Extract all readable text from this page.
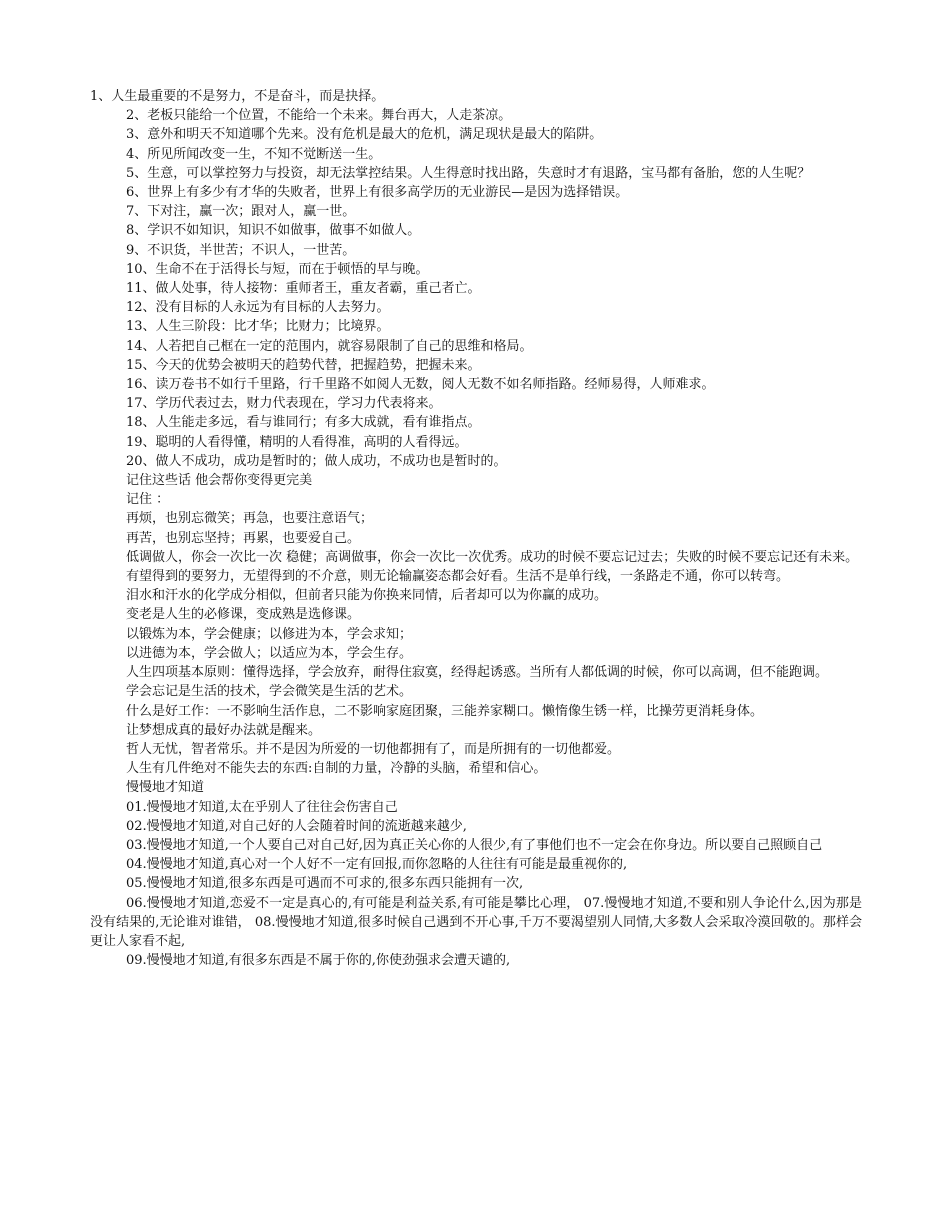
1、人生最重要的不是努力，不是奋斗，而是抉择。

2、老板只能给一个位置，不能给一个未来。舞台再大，人走茶凉。

3、意外和明天不知道哪个先来。没有危机是最大的危机，满足现状是最大的陷阱。

4、所见所闻改变一生，不知不觉断送一生。

5、生意，可以掌控努力与投资，却无法掌控结果。人生得意时找出路，失意时才有退路，宝马都有备胎，您的人生呢？

6、世界上有多少有才华的失败者，世界上有很多高学历的无业游民—是因为选择错误。

7、下对注，赢一次；跟对人，赢一世。

8、学识不如知识，知识不如做事，做事不如做人。

9、不识货，半世苦；不识人，一世苦。

10、生命不在于活得长与短，而在于顿悟的早与晚。

11、做人处事，待人接物：重师者王，重友者霸，重己者亡。

12、没有目标的人永远为有目标的人去努力。

13、人生三阶段：比才华；比财力；比境界。

14、人若把自己框在一定的范围内，就容易限制了自己的思维和格局。

15、今天的优势会被明天的趋势代替，把握趋势，把握未来。

16、读万卷书不如行千里路，行千里路不如阅人无数，阅人无数不如名师指路。经师易得，人师难求。

17、学历代表过去，财力代表现在，学习力代表将来。

18、人生能走多远，看与谁同行；有多大成就，看有谁指点。

19、聪明的人看得懂，精明的人看得准，高明的人看得远。

20、做人不成功，成功是暂时的；做人成功，不成功也是暂时的。

记住这些话 他会帮你变得更完美

记住 ：

再烦，也别忘微笑；再急，也要注意语气；

再苦，也别忘坚持；再累，也要爱自己。

低调做人，你会一次比一次 稳健；高调做事，你会一次比一次优秀。成功的时候不要忘记过去；失败的时候不要忘记还有未来。

有望得到的要努力，无望得到的不介意，则无论输赢姿态都会好看。生活不是单行线，一条路走不通，你可以转弯。

泪水和汗水的化学成分相似，但前者只能为你换来同情，后者却可以为你赢的成功。

变老是人生的必修课，变成熟是选修课。

以锻炼为本，学会健康；以修进为本，学会求知；

以进德为本，学会做人；以适应为本，学会生存。

人生四项基本原则：懂得选择，学会放弃，耐得住寂寞，经得起诱惑。当所有人都低调的时候，你可以高调，但不能跑调。

学会忘记是生活的技术，学会微笑是生活的艺术。

什么是好工作：一不影响生活作息，二不影响家庭团聚，三能养家糊口。懒惰像生锈一样，比操劳更消耗身体。

让梦想成真的最好办法就是醒来。

哲人无忧，智者常乐。并不是因为所爱的一切他都拥有了，而是所拥有的一切他都爱。

人生有几件绝对不能失去的东西:自制的力量，冷静的头脑，希望和信心。

慢慢地才知道

01.慢慢地才知道,太在乎别人了往往会伤害自己

02.慢慢地才知道,对自己好的人会随着时间的流逝越来越少,

03.慢慢地才知道,一个人要自己对自己好,因为真正关心你的人很少,有了事他们也不一定会在你身边。所以要自己照顾自己

04.慢慢地才知道,真心对一个人好不一定有回报,而你忽略的人往往有可能是最重视你的,

05.慢慢地才知道,很多东西是可遇而不可求的,很多东西只能拥有一次,

06.慢慢地才知道,恋爱不一定是真心的,有可能是利益关系,有可能是攀比心理， 07.慢慢地才知道,不要和别人争论什么,因为那是没有结果的,无论谁对谁错， 08.慢慢地才知道,很多时候自己遇到不开心事,千万不要渴望别人同情,大多数人会采取冷漠回敬的。那样会更让人家看不起,

09.慢慢地才知道,有很多东西是不属于你的,你使劲强求会遭天谴的,
